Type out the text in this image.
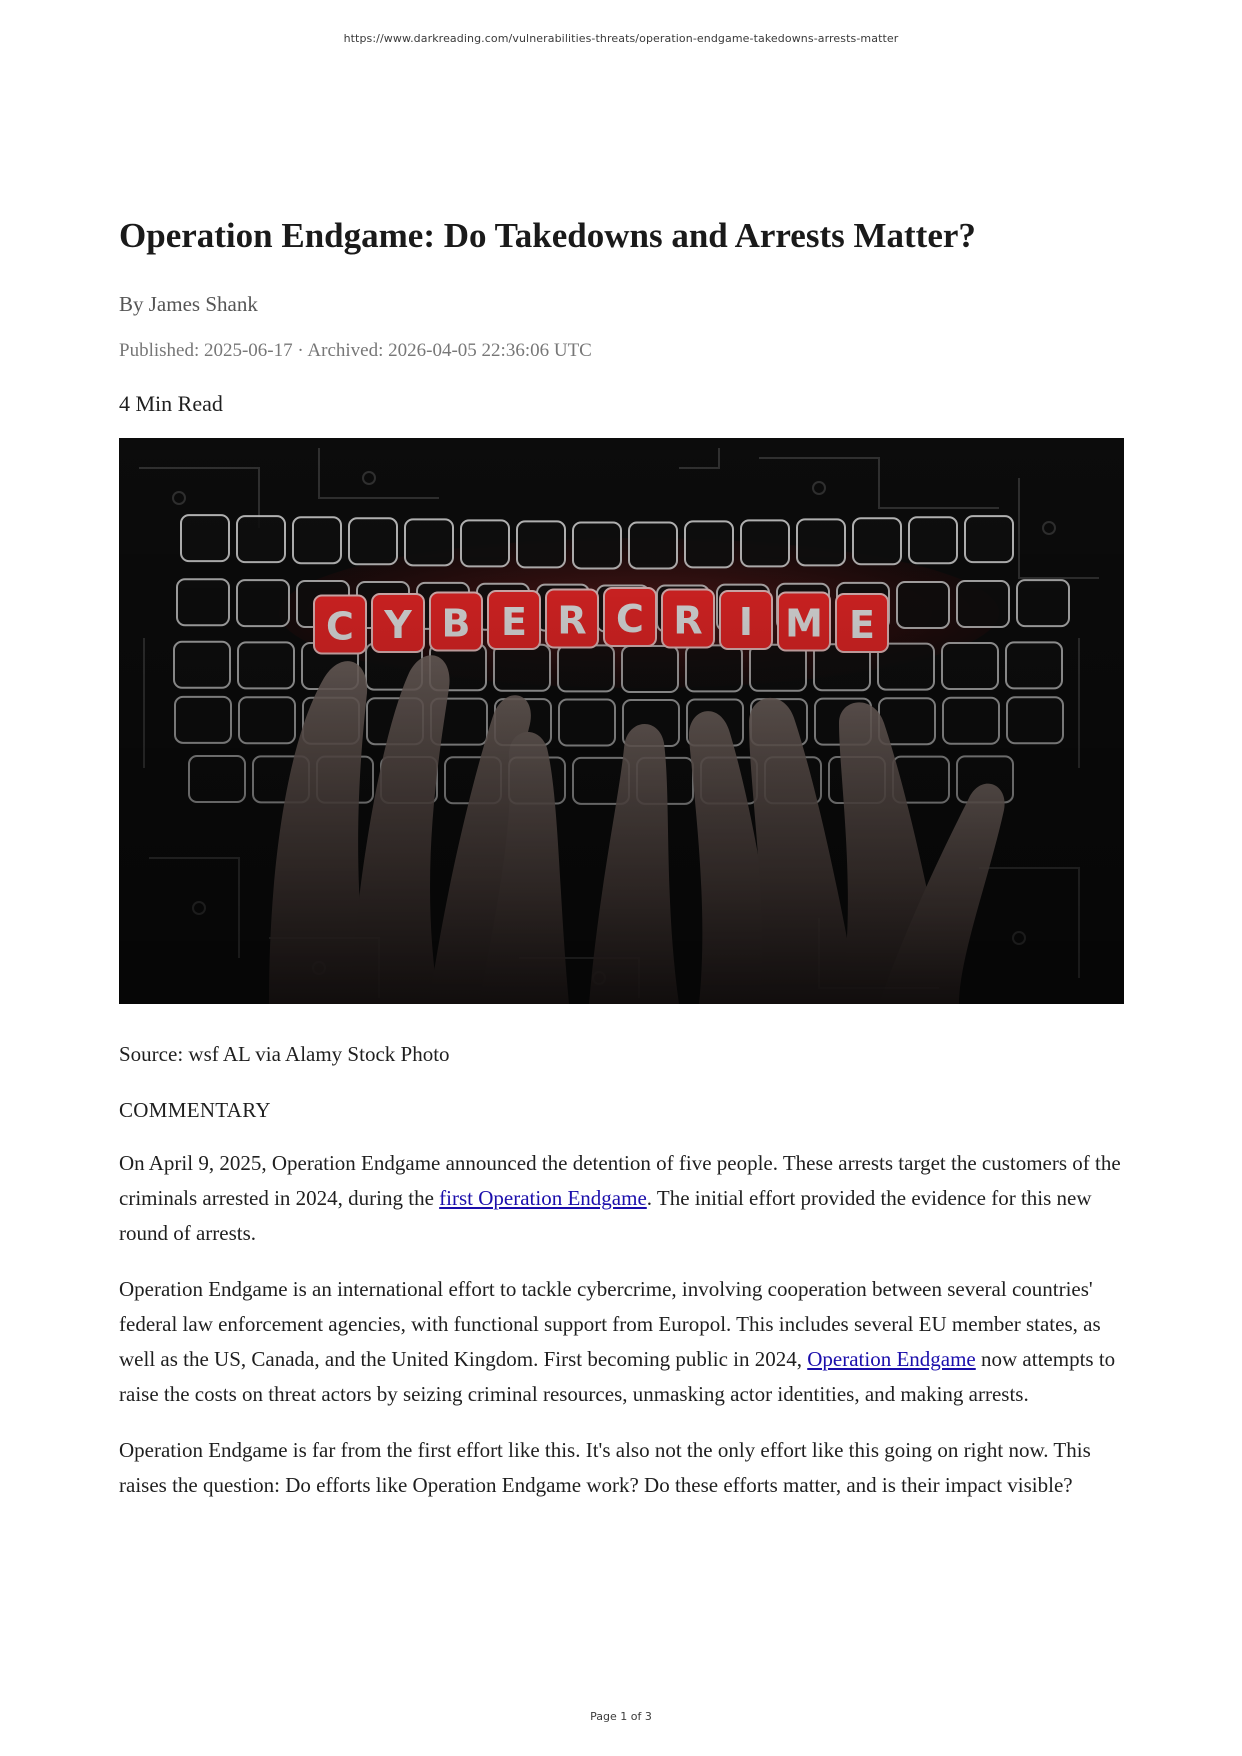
https://www.darkreading.com/vulnerabilities-threats/operation-endgame-takedowns-arrests-matter
Operation Endgame: Do Takedowns and Arrests Matter?
By James Shank
Published: 2025-06-17 · Archived: 2026-04-05 22:36:06 UTC
4 Min Read
Source: wsf AL via Alamy Stock Photo
COMMENTARY

On April 9, 2025, Operation Endgame announced the detention of five people. These arrests target the customers of the criminals arrested in 2024, during the first Operation Endgame. The initial effort provided the evidence for this new round of arrests.

Operation Endgame is an international effort to tackle cybercrime, involving cooperation between several countries' federal law enforcement agencies, with functional support from Europol. This includes several EU member states, as well as the US, Canada, and the United Kingdom. First becoming public in 2024, Operation Endgame now attempts to raise the costs on threat actors by seizing criminal resources, unmasking actor identities, and making arrests.

Operation Endgame is far from the first effort like this. It's also not the only effort like this going on right now. This raises the question: Do efforts like Operation Endgame work? Do these efforts matter, and is their impact visible?

Page 1 of 3
